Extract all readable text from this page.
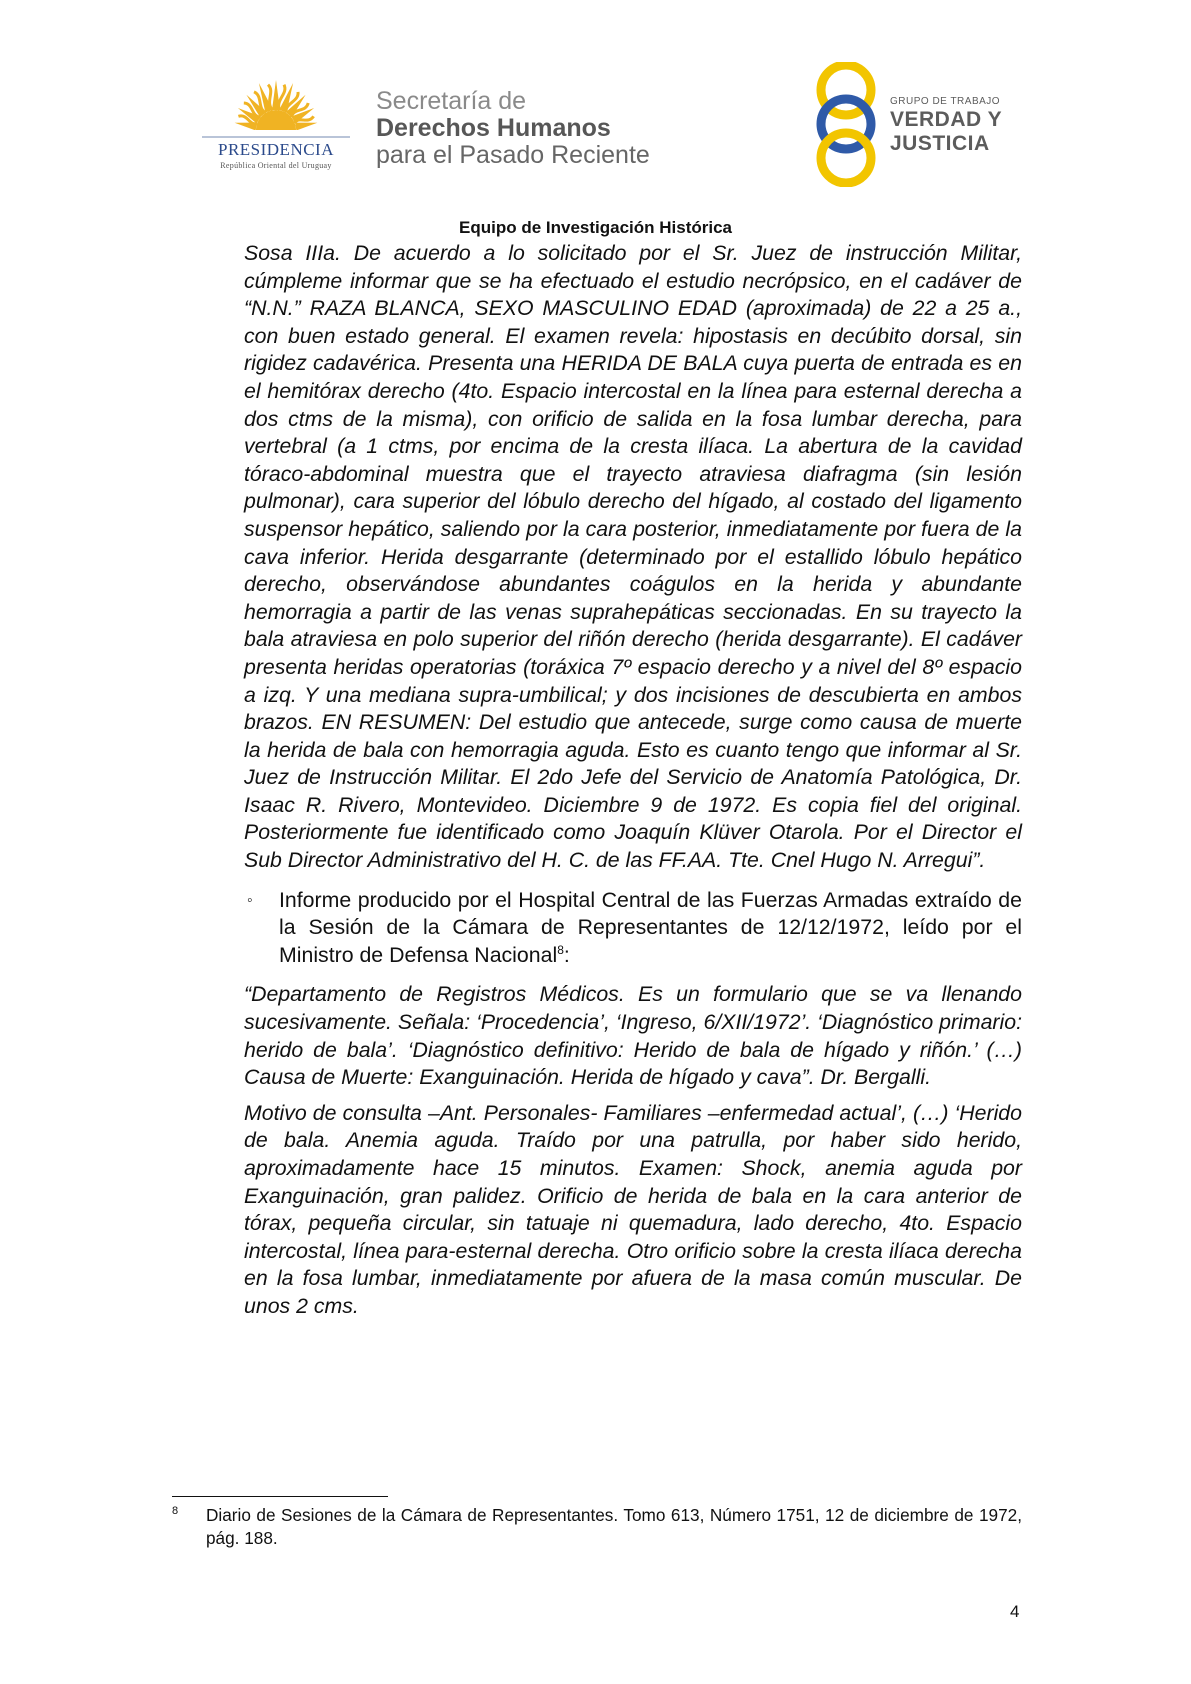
PRESIDENCIA
República Oriental del Uruguay
Secretaría de
Derechos Humanos
para el Pasado Reciente
GRUPO DE TRABAJO
VERDAD Y
JUSTICIA
Equipo de Investigación Histórica

Sosa IIIa. De acuerdo a lo solicitado por el Sr. Juez de instrucción Militar, cúmpleme informar que se ha efectuado el estudio necrópsico, en el cadáver de “N.N.” RAZA BLANCA, SEXO MASCULINO EDAD (aproximada) de 22 a 25 a., con buen estado general. El examen revela: hipostasis en decúbito dorsal, sin rigidez cadavérica. Presenta una HERIDA DE BALA cuya puerta de entrada es en el hemitórax derecho (4to. Espacio intercostal en la línea para esternal derecha a dos ctms de la misma), con orificio de salida en la fosa lumbar derecha, para vertebral (a 1 ctms, por encima de la cresta ilíaca. La abertura de la cavidad tóraco-abdominal muestra que el trayecto atraviesa diafragma (sin lesión pulmonar), cara superior del lóbulo derecho del hígado, al costado del ligamento suspensor hepático, saliendo por la cara posterior, inmediatamente por fuera de la cava inferior. Herida desgarrante (determinado por el estallido lóbulo hepático derecho, observándose abundantes coágulos en la herida y abundante hemorragia a partir de las venas suprahepáticas seccionadas. En su trayecto la bala atraviesa en polo superior del riñón derecho (herida desgarrante). El cadáver presenta heridas operatorias (toráxica 7º espacio derecho y a nivel del 8º espacio a izq. Y una mediana supra-umbilical; y dos incisiones de descubierta en ambos brazos. EN RESUMEN: Del estudio que antecede, surge como causa de muerte la herida de bala con hemorragia aguda. Esto es cuanto tengo que informar al Sr. Juez de Instrucción Militar. El 2do Jefe del Servicio de Anatomía Patológica, Dr. Isaac R. Rivero, Montevideo. Diciembre 9 de 1972. Es copia fiel del original. Posteriormente fue identificado como Joaquín Klüver Otarola. Por el Director el Sub Director Administrativo del H. C. de las FF.AA. Tte. Cnel Hugo N. Arregui”.

◦ Informe producido por el Hospital Central de las Fuerzas Armadas extraído de la Sesión de la Cámara de Representantes de 12/12/1972, leído por el Ministro de Defensa Nacional$^8$:

“Departamento de Registros Médicos. Es un formulario que se va llenando sucesivamente. Señala: ‘Procedencia’, ‘Ingreso, 6/XII/1972’. ‘Diagnóstico primario: herido de bala’. ‘Diagnóstico definitivo: Herido de bala de hígado y riñón.’ (…) Causa de Muerte: Exanguinación. Herida de hígado y cava”. Dr. Bergalli.

Motivo de consulta –Ant. Personales- Familiares –enfermedad actual’, (…) ‘Herido de bala. Anemia aguda. Traído por una patrulla, por haber sido herido, aproximadamente hace 15 minutos. Examen: Shock, anemia aguda por Exanguinación, gran palidez. Orificio de herida de bala en la cara anterior de tórax, pequeña circular, sin tatuaje ni quemadura, lado derecho, 4to. Espacio intercostal, línea para-esternal derecha. Otro orificio sobre la cresta ilíaca derecha en la fosa lumbar, inmediatamente por afuera de la masa común muscular. De unos 2 cms.

8 Diario de Sesiones de la Cámara de Representantes. Tomo 613, Número 1751, 12 de diciembre de 1972, pág. 188.
4
